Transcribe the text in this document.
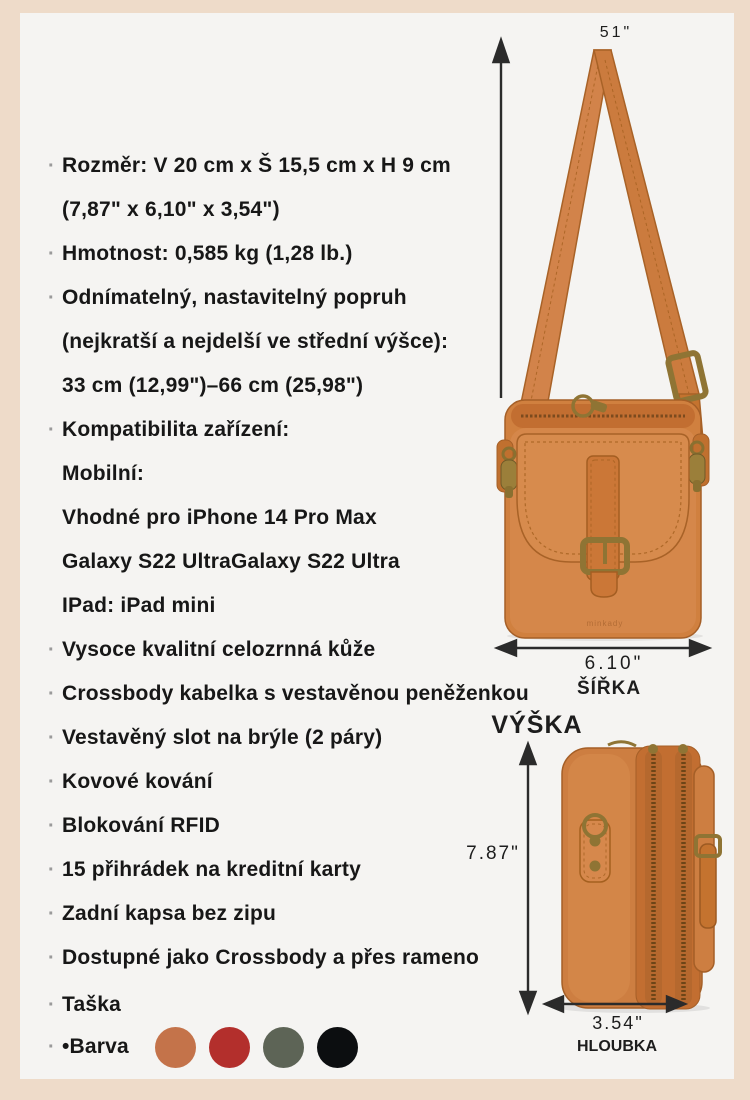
· Rozměr: V 20 cm x Š 15,5 cm x H 9 cm
(7,87" x 6,10" x 3,54")
· Hmotnost: 0,585 kg (1,28 lb.)
· Odnímatelný, nastavitelný popruh
(nejkratší a nejdelší ve střední výšce):
33 cm (12,99")–66 cm (25,98")
· Kompatibilita zařízení:
Mobilní:
Vhodné pro iPhone 14 Pro Max
Galaxy S22 UltraGalaxy S22 Ultra
IPad: iPad mini
· Vysoce kvalitní celozrnná kůže
· Crossbody kabelka s vestavěnou peněženkou
· Vestavěný slot na brýle (2 páry)
· Kovové kování
· Blokování RFID
· 15 přihrádek na kreditní karty
· Zadní kapsa bez zipu
· Dostupné jako Crossbody a přes rameno
· Taška
· •Barva
minkady
51"
6.10"
ŠÍŘKA
VÝŠKA
7.87"
3.54"
HLOUBKA
